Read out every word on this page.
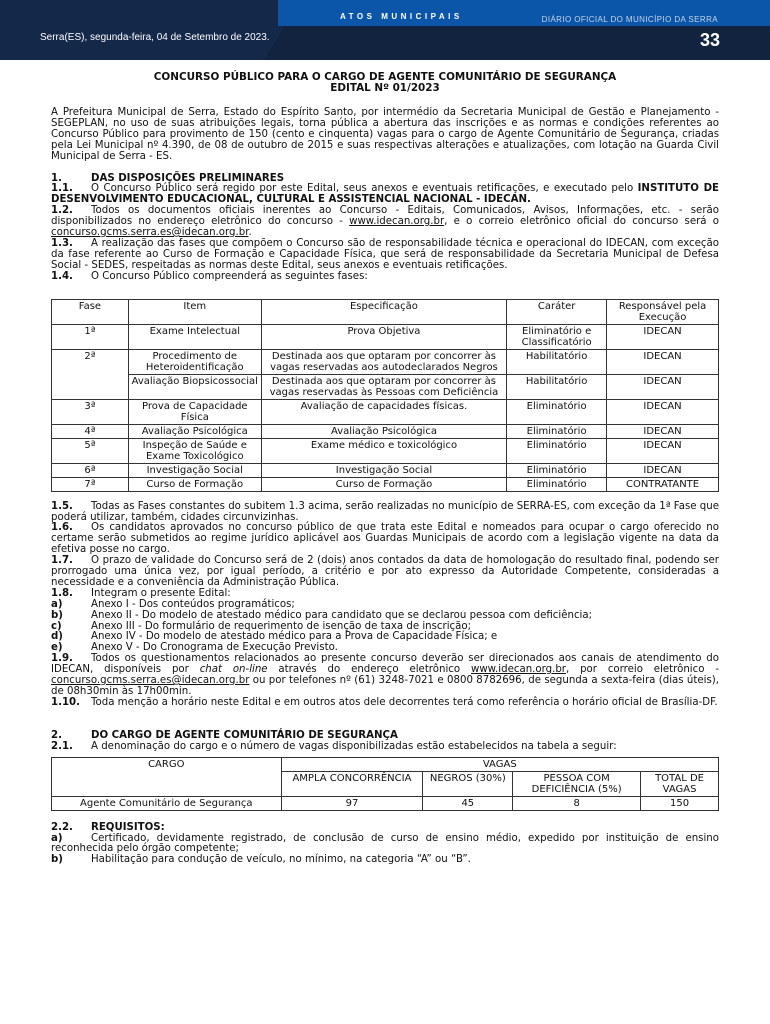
ATOS MUNICIPAIS	DIÁRIO OFICIAL DO MUNICÍPIO DA SERRA
Serra(ES), segunda-feira, 04 de Setembro de 2023.	33
CONCURSO PÚBLICO PARA O CARGO DE AGENTE COMUNITÁRIO DE SEGURANÇA
EDITAL Nº 01/2023

A Prefeitura Municipal de Serra, Estado do Espírito Santo, por intermédio da Secretaria Municipal de Gestão e Planejamento - SEGEPLAN, no uso de suas atribuições legais, torna pública a abertura das inscrições e as normas e condições referentes ao Concurso Público para provimento de 150 (cento e cinquenta) vagas para o cargo de Agente Comunitário de Segurança, criadas pela Lei Municipal nº 4.390, de 08 de outubro de 2015 e suas respectivas alterações e atualizações, com lotação na Guarda Civil Municipal de Serra - ES.

1.	DAS DISPOSIÇÕES PRELIMINARES

1.1. O Concurso Público será regido por este Edital, seus anexos e eventuais retificações, e executado pelo INSTITUTO DE DESENVOLVIMENTO EDUCACIONAL, CULTURAL E ASSISTENCIAL NACIONAL - IDECAN.

1.2. Todos os documentos oficiais inerentes ao Concurso - Editais, Comunicados, Avisos, Informações, etc. - serão disponibilizados no endereço eletrônico do concurso - www.idecan.org.br, e o correio eletrônico oficial do concurso será o concurso.gcms.serra.es@idecan.org.br.

1.3. A realização das fases que compõem o Concurso são de responsabilidade técnica e operacional do IDECAN, com exceção da fase referente ao Curso de Formação e Capacidade Física, que será de responsabilidade da Secretaria Municipal de Defesa Social - SEDES, respeitadas as normas deste Edital, seus anexos e eventuais retificações.

1.4. O Concurso Público compreenderá as seguintes fases:

Fase	Item	Especificação	Caráter	Responsável pela Execução
1ª	Exame Intelectual	Prova Objetiva	Eliminatório e Classificatório	IDECAN
2ª	Procedimento de Heteroidentificação	Destinada aos que optaram por concorrer às vagas reservadas aos autodeclarados Negros	Habilitatório	IDECAN
	Avaliação Biopsicossocial	Destinada aos que optaram por concorrer às vagas reservadas às Pessoas com Deficiência	Habilitatório	IDECAN
3ª	Prova de Capacidade Física	Avaliação de capacidades físicas.	Eliminatório	IDECAN
4ª	Avaliação Psicológica	Avaliação Psicológica	Eliminatório	IDECAN
5ª	Inspeção de Saúde e Exame Toxicológico	Exame médico e toxicológico	Eliminatório	IDECAN
6ª	Investigação Social	Investigação Social	Eliminatório	IDECAN
7ª	Curso de Formação	Curso de Formação	Eliminatório	CONTRATANTE

1.5. Todas as Fases constantes do subitem 1.3 acima, serão realizadas no município de SERRA-ES, com exceção da 1ª Fase que poderá utilizar, também, cidades circunvizinhas.

1.6. Os candidatos aprovados no concurso público de que trata este Edital e nomeados para ocupar o cargo oferecido no certame serão submetidos ao regime jurídico aplicável aos Guardas Municipais de acordo com a legislação vigente na data da efetiva posse no cargo.

1.7. O prazo de validade do Concurso será de 2 (dois) anos contados da data de homologação do resultado final, podendo ser prorrogado uma única vez, por igual período, a critério e por ato expresso da Autoridade Competente, consideradas a necessidade e a conveniência da Administração Pública.

1.8. Integram o presente Edital:

a)	Anexo I - Dos conteúdos programáticos;

b)	Anexo II - Do modelo de atestado médico para candidato que se declarou pessoa com deficiência;

c)	Anexo III - Do formulário de requerimento de isenção de taxa de inscrição;

d)	Anexo IV - Do modelo de atestado médico para a Prova de Capacidade Física; e

e)	Anexo V - Do Cronograma de Execução Previsto.

1.9. Todos os questionamentos relacionados ao presente concurso deverão ser direcionados aos canais de atendimento do IDECAN, disponíveis por chat on-line através do endereço eletrônico www.idecan.org.br, por correio eletrônico - concurso.gcms.serra.es@idecan.org.br ou por telefones nº (61) 3248-7021 e 0800 8782696, de segunda a sexta-feira (dias úteis), de 08h30min às 17h00min.

1.10. Toda menção a horário neste Edital e em outros atos dele decorrentes terá como referência o horário oficial de Brasília-DF.

2.	DO CARGO DE AGENTE COMUNITÁRIO DE SEGURANÇA

2.1. A denominação do cargo e o número de vagas disponibilizadas estão estabelecidos na tabela a seguir:

CARGO	VAGAS			
	AMPLA CONCORRÊNCIA	NEGROS (30%)	PESSOA COM DEFICIÊNCIA (5%)	TOTAL DE VAGAS
Agente Comunitário de Segurança	97	45	8	150

2.2. REQUISITOS:

a)	Certificado, devidamente registrado, de conclusão de curso de ensino médio, expedido por instituição de ensino reconhecida pelo órgão competente;

b)	Habilitação para condução de veículo, no mínimo, na categoria “A” ou “B”.
